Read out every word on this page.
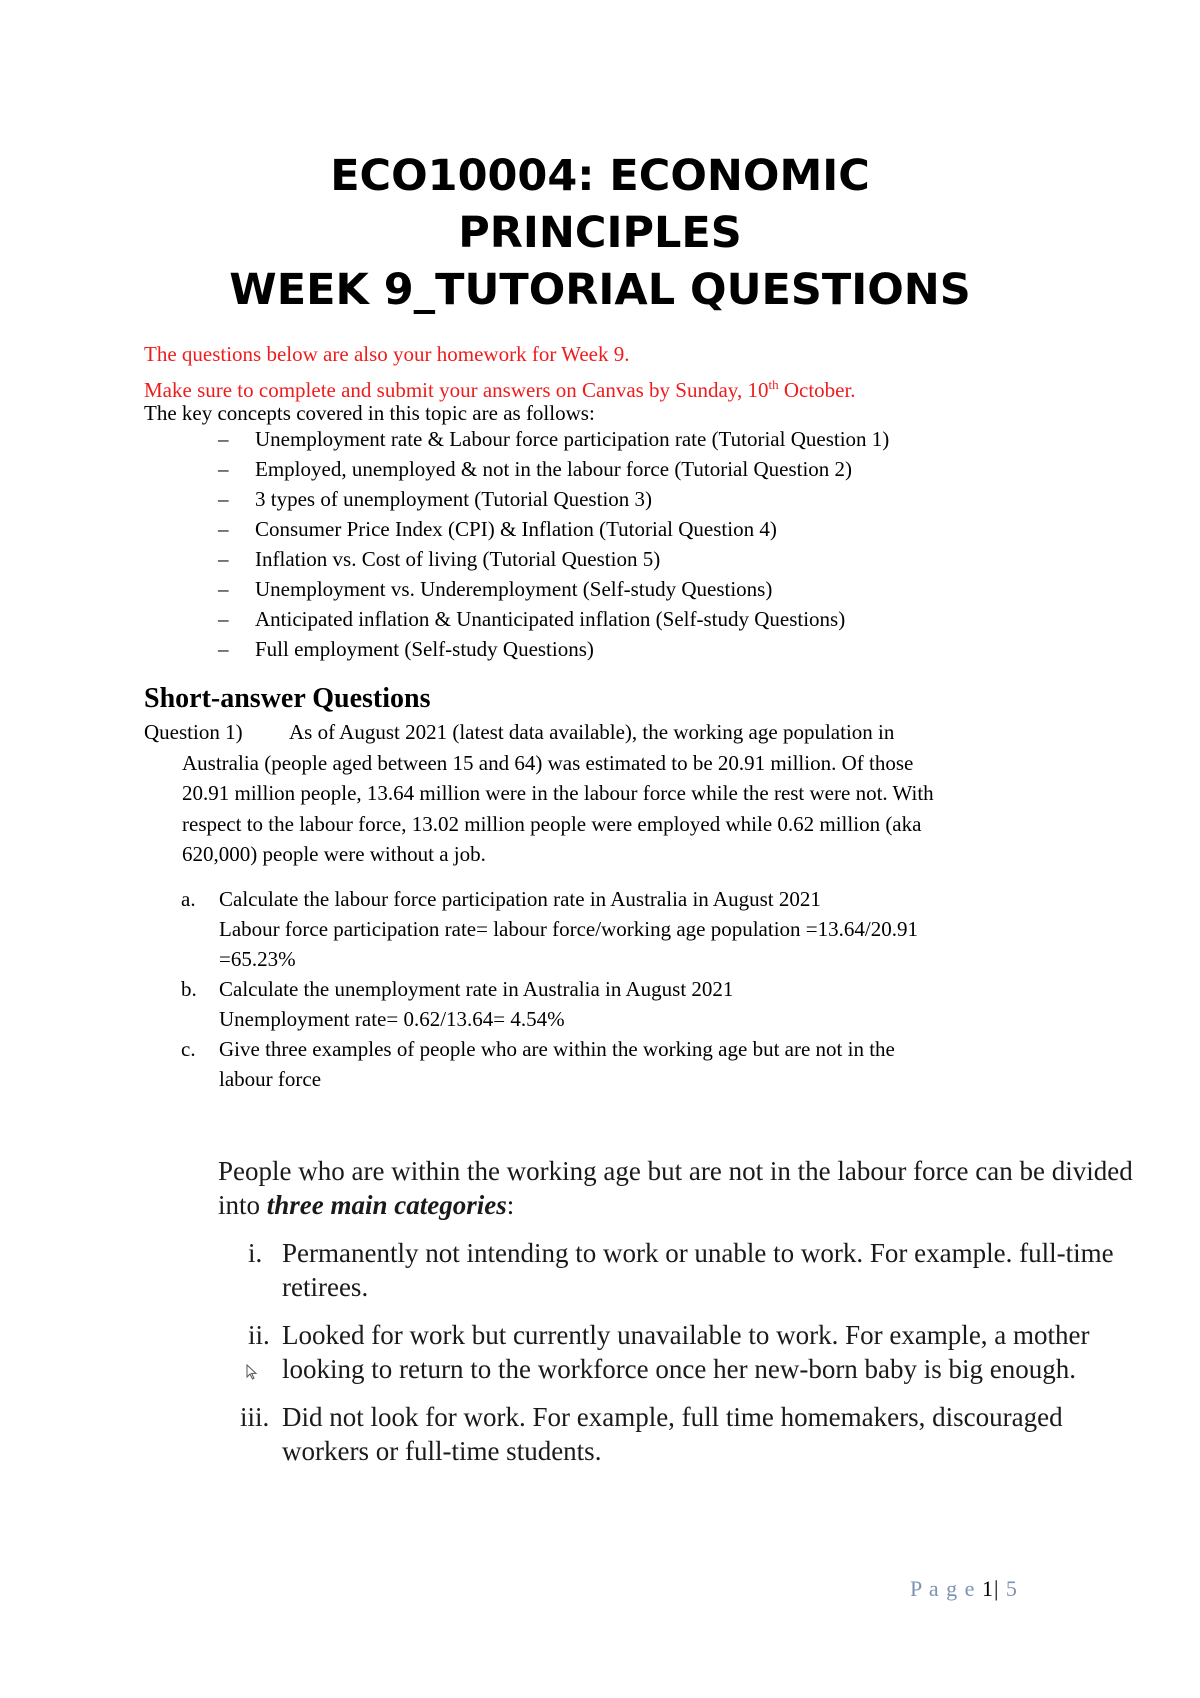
ECO10004: ECONOMIC
PRINCIPLES
WEEK 9_TUTORIAL QUESTIONS
The questions below are also your homework for Week 9.
Make sure to complete and submit your answers on Canvas by Sunday, 10th October.
The key concepts covered in this topic are as follows:
– Unemployment rate & Labour force participation rate (Tutorial Question 1)
– Employed, unemployed & not in the labour force (Tutorial Question 2)
– 3 types of unemployment (Tutorial Question 3)
– Consumer Price Index (CPI) & Inflation (Tutorial Question 4)
– Inflation vs. Cost of living (Tutorial Question 5)
– Unemployment vs. Underemployment (Self-study Questions)
– Anticipated inflation & Unanticipated inflation (Self-study Questions)
– Full employment (Self-study Questions)
Short-answer Questions
Question 1) As of August 2021 (latest data available), the working age population in
Australia (people aged between 15 and 64) was estimated to be 20.91 million. Of those
20.91 million people, 13.64 million were in the labour force while the rest were not. With
respect to the labour force, 13.02 million people were employed while 0.62 million (aka
620,000) people were without a job.
a. Calculate the labour force participation rate in Australia in August 2021
Labour force participation rate= labour force/working age population =13.64/20.91
=65.23%
b. Calculate the unemployment rate in Australia in August 2021
Unemployment rate= 0.62/13.64= 4.54%
c. Give three examples of people who are within the working age but are not in the
labour force
People who are within the working age but are not in the labour force can be divided into three main categories:
i. Permanently not intending to work or unable to work. For example. full-time retirees.
ii. Looked for work but currently unavailable to work. For example, a mother looking to return to the workforce once her new-born baby is big enough.
iii. Did not look for work. For example, full time homemakers, discouraged workers or full-time students.
P a g e 1| 5
